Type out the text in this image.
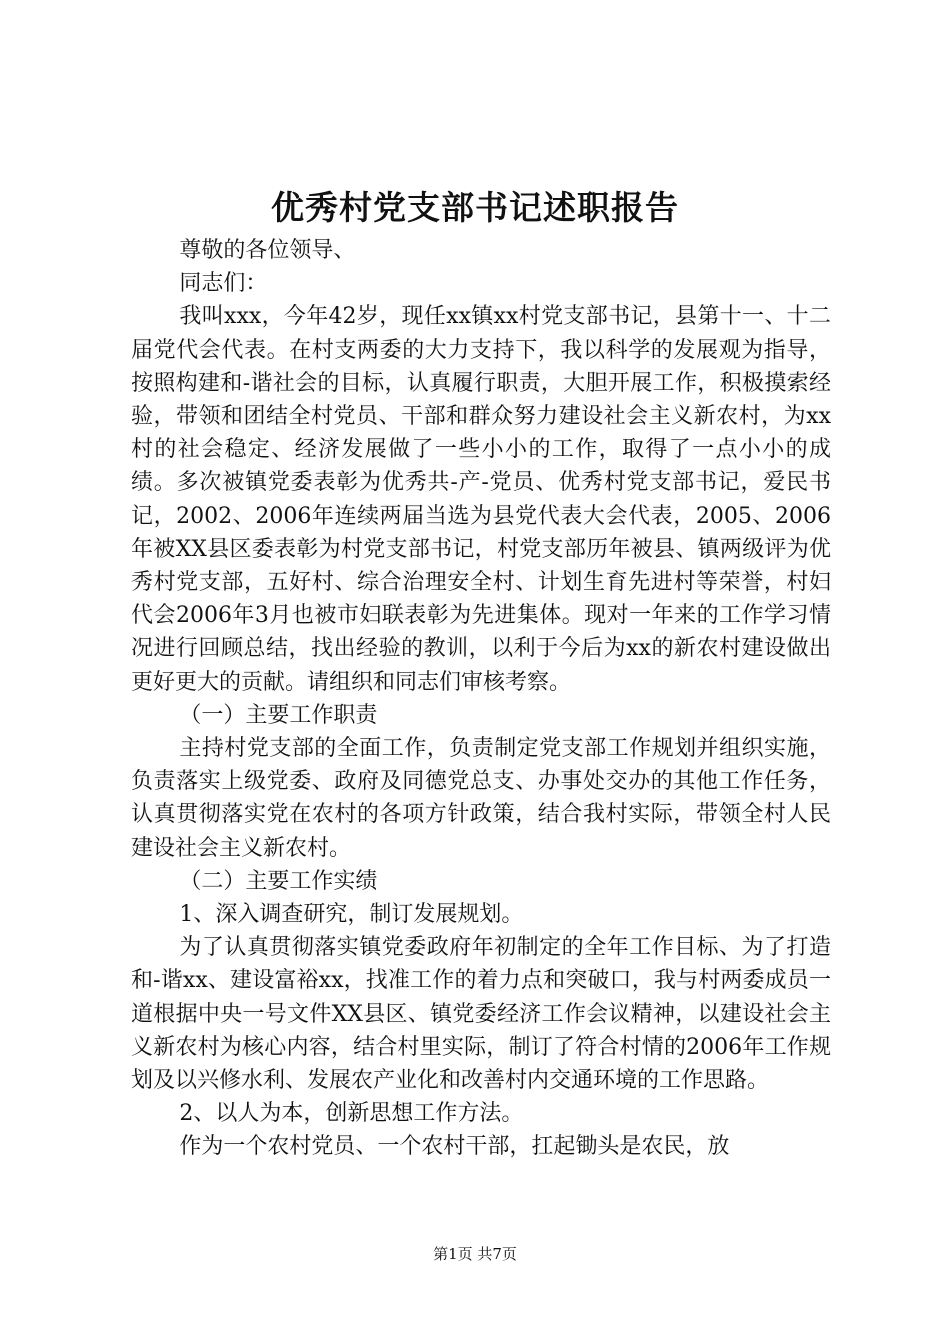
优秀村党支部书记述职报告

尊敬的各位领导、

同志们：

我叫xxx，今年42岁，现任xx镇xx村党支部书记，县第十一、十二届党代会代表。在村支两委的大力支持下，我以科学的发展观为指导，按照构建和-谐社会的目标，认真履行职责，大胆开展工作，积极摸索经验，带领和团结全村党员、干部和群众努力建设社会主义新农村，为xx村的社会稳定、经济发展做了一些小小的工作，取得了一点小小的成绩。多次被镇党委表彰为优秀共-产-党员、优秀村党支部书记，爱民书记，2002、2006年连续两届当选为县党代表大会代表，2005、2006年被XX县区委表彰为村党支部书记，村党支部历年被县、镇两级评为优秀村党支部，五好村、综合治理安全村、计划生育先进村等荣誉，村妇代会2006年3月也被市妇联表彰为先进集体。现对一年来的工作学习情况进行回顾总结，找出经验的教训，以利于今后为xx的新农村建设做出更好更大的贡献。请组织和同志们审核考察。

（一）主要工作职责

主持村党支部的全面工作，负责制定党支部工作规划并组织实施，负责落实上级党委、政府及同德党总支、办事处交办的其他工作任务，认真贯彻落实党在农村的各项方针政策，结合我村实际，带领全村人民建设社会主义新农村。

（二）主要工作实绩

1、深入调查研究，制订发展规划。

为了认真贯彻落实镇党委政府年初制定的全年工作目标、为了打造和-谐xx、建设富裕xx，找准工作的着力点和突破口，我与村两委成员一道根据中央一号文件XX县区、镇党委经济工作会议精神，以建设社会主义新农村为核心内容，结合村里实际，制订了符合村情的2006年工作规划及以兴修水利、发展农产业化和改善村内交通环境的工作思路。

2、以人为本，创新思想工作方法。

作为一个农村党员、一个农村干部，扛起锄头是农民，放

第1页 共7页
